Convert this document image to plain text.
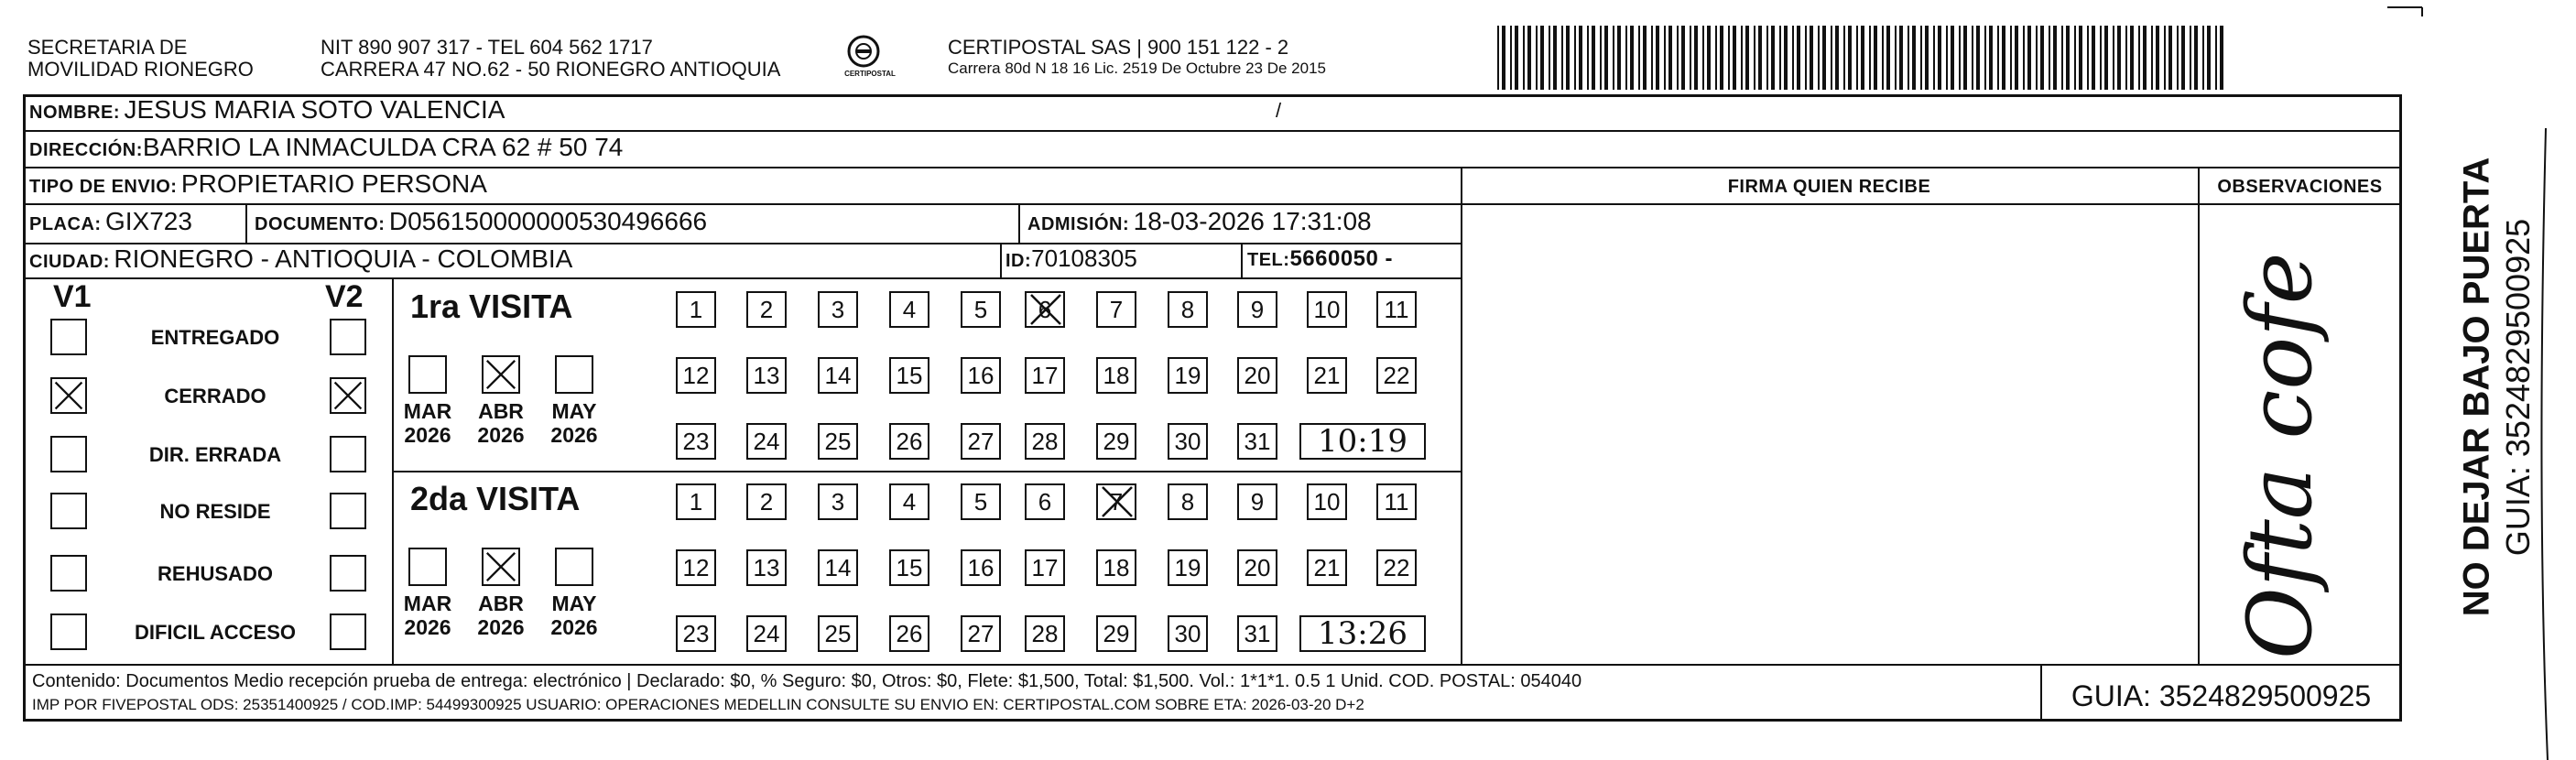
SECRETARIA DE
MOVILIDAD RIONEGRO
NIT 890 907 317 - TEL 604 562 1717
CARRERA 47 NO.62 - 50 RIONEGRO ANTIOQUIA	CERTIPOSTAL
CERTIPOSTAL SAS | 900 151 122 - 2
Carrera 80d N 18 16 Lic. 2519 De Octubre 23 De 2015
NOMBRE: JESUS MARIA SOTO VALENCIA	/
DIRECCIÓN:BARRIO LA INMACULDA CRA 62 # 50 74
TIPO DE ENVIO: PROPIETARIO PERSONA	FIRMA QUIEN RECIBE	OBSERVACIONES
PLACA: GIX723	DOCUMENTO: D056150000000530496666	ADMISIÓN: 18-03-2026 17:31:08
CIUDAD: RIONEGRO - ANTIOQUIA - COLOMBIA	ID:70108305	TEL:5660050 -
V1	V2
ENTREGADO
CERRADO
DIR. ERRADA
NO RESIDE
REHUSADO
DIFICIL ACCESO
1ra VISITA
MAR
2026
ABR
2026
MAY
2026
1	2	3	4	5	6	7	8	9	10	11
12 13 14 15 16 17 18 19 20 21 22
23 24 25 26 27 28 29 30 31	10:19
2da VISITA
MAR
2026
ABR
2026
MAY
2026
1	2	3	4	5	6	7	8	9	10	11
12 13 14 15 16 17 18 19 20 21 22
23 24 25 26 27 28 29 30 31	13:26	Ofta cofe
Contenido: Documentos Medio recepción prueba de entrega: electrónico | Declarado: $0, % Seguro: $0, Otros: $0, Flete: $1,500, Total: $1,500. Vol.: 1*1*1. 0.5 1 Unid. COD. POSTAL: 054040
IMP POR FIVEPOSTAL ODS: 25351400925 / COD.IMP: 54499300925 USUARIO: OPERACIONES MEDELLIN CONSULTE SU ENVIO EN: CERTIPOSTAL.COM SOBRE ETA: 2026-03-20 D+2	GUIA: 3524829500925
NO DEJAR BAJO PUERTA GUIA: 3524829500925
